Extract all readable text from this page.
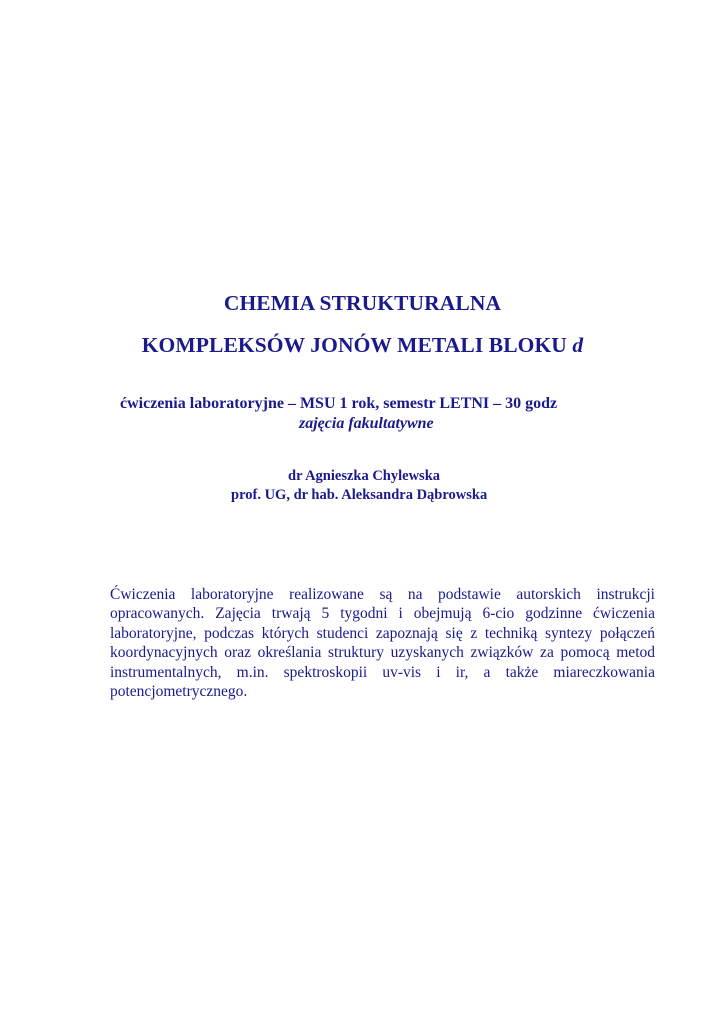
CHEMIA STRUKTURALNA
KOMPLEKSÓW JONÓW METALI BLOKU d
ćwiczenia laboratoryjne – MSU 1 rok, semestr LETNI – 30 godz
zajęcia fakultatywne
dr Agnieszka Chylewska
prof. UG, dr hab. Aleksandra Dąbrowska

Ćwiczenia laboratoryjne realizowane są na podstawie autorskich instrukcji opracowanych. Zajęcia trwają 5 tygodni i obejmują 6-cio godzinne ćwiczenia laboratoryjne, podczas których studenci zapoznają się z techniką syntezy połączeń koordynacyjnych oraz określania struktury uzyskanych związków za pomocą metod instrumentalnych, m.in. spektroskopii uv-vis i ir, a także miareczkowania potencjometrycznego.
